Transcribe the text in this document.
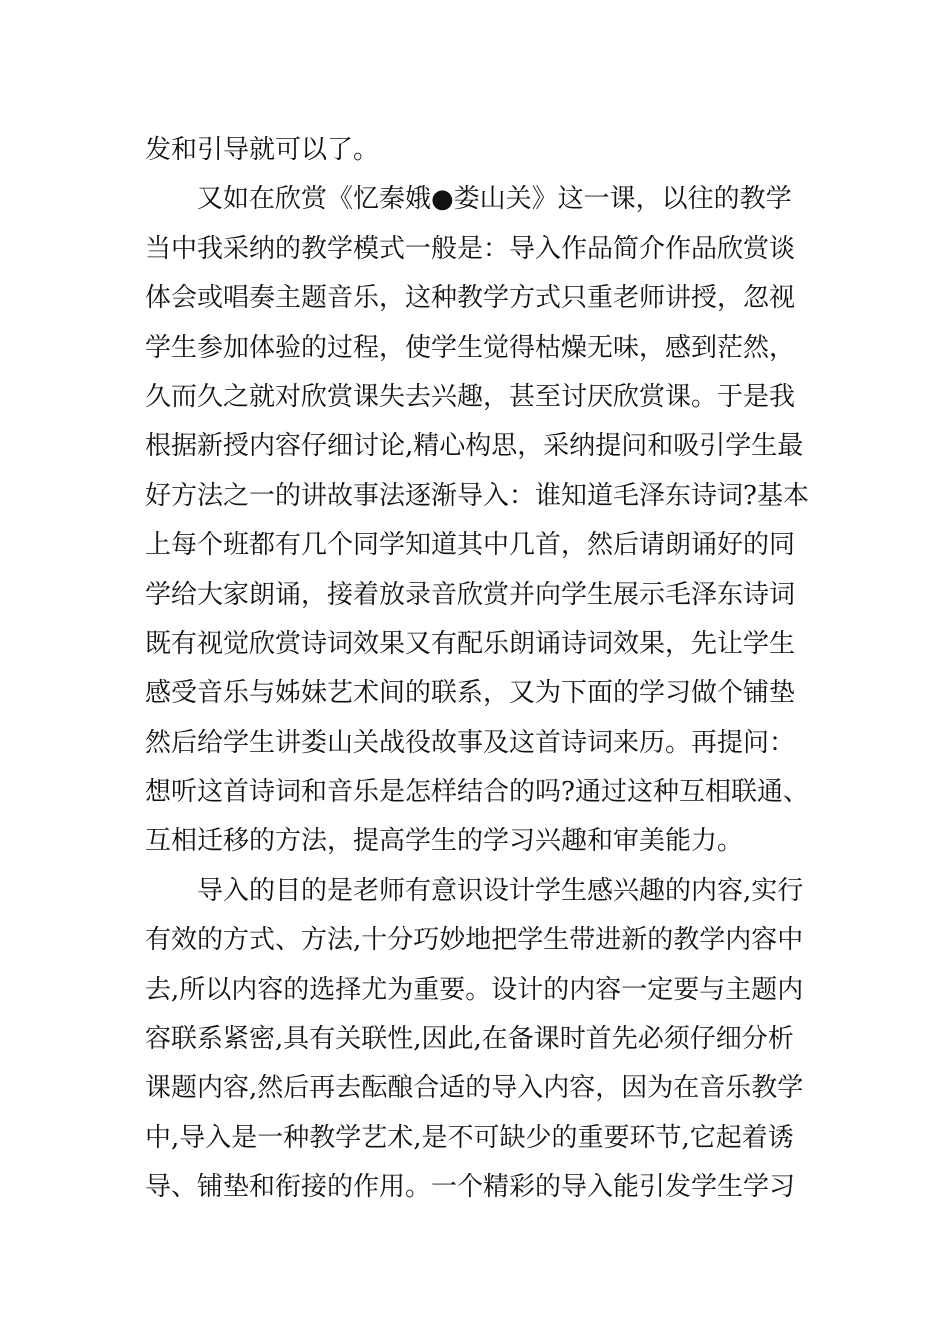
发和引导就可以了。
又如在欣赏《忆秦娥●娄山关》这一课，以往的教学
当中我采纳的教学模式一般是：导入作品简介作品欣赏谈
体会或唱奏主题音乐，这种教学方式只重老师讲授，忽视
学生参加体验的过程，使学生觉得枯燥无味，感到茫然，
久而久之就对欣赏课失去兴趣，甚至讨厌欣赏课。于是我
根据新授内容仔细讨论,精心构思，采纳提问和吸引学生最
好方法之一的讲故事法逐渐导入：谁知道毛泽东诗词?基本
上每个班都有几个同学知道其中几首，然后请朗诵好的同
学给大家朗诵，接着放录音欣赏并向学生展示毛泽东诗词
既有视觉欣赏诗词效果又有配乐朗诵诗词效果，先让学生
感受音乐与姊妹艺术间的联系，又为下面的学习做个铺垫
然后给学生讲娄山关战役故事及这首诗词来历。再提问：
想听这首诗词和音乐是怎样结合的吗?通过这种互相联通、
互相迁移的方法，提高学生的学习兴趣和审美能力。
导入的目的是老师有意识设计学生感兴趣的内容,实行
有效的方式、方法,十分巧妙地把学生带进新的教学内容中
去,所以内容的选择尤为重要。设计的内容一定要与主题内
容联系紧密,具有关联性,因此,在备课时首先必须仔细分析
课题内容,然后再去酝酿合适的导入内容，因为在音乐教学
中,导入是一种教学艺术,是不可缺少的重要环节,它起着诱
导、铺垫和衔接的作用。一个精彩的导入能引发学生学习
